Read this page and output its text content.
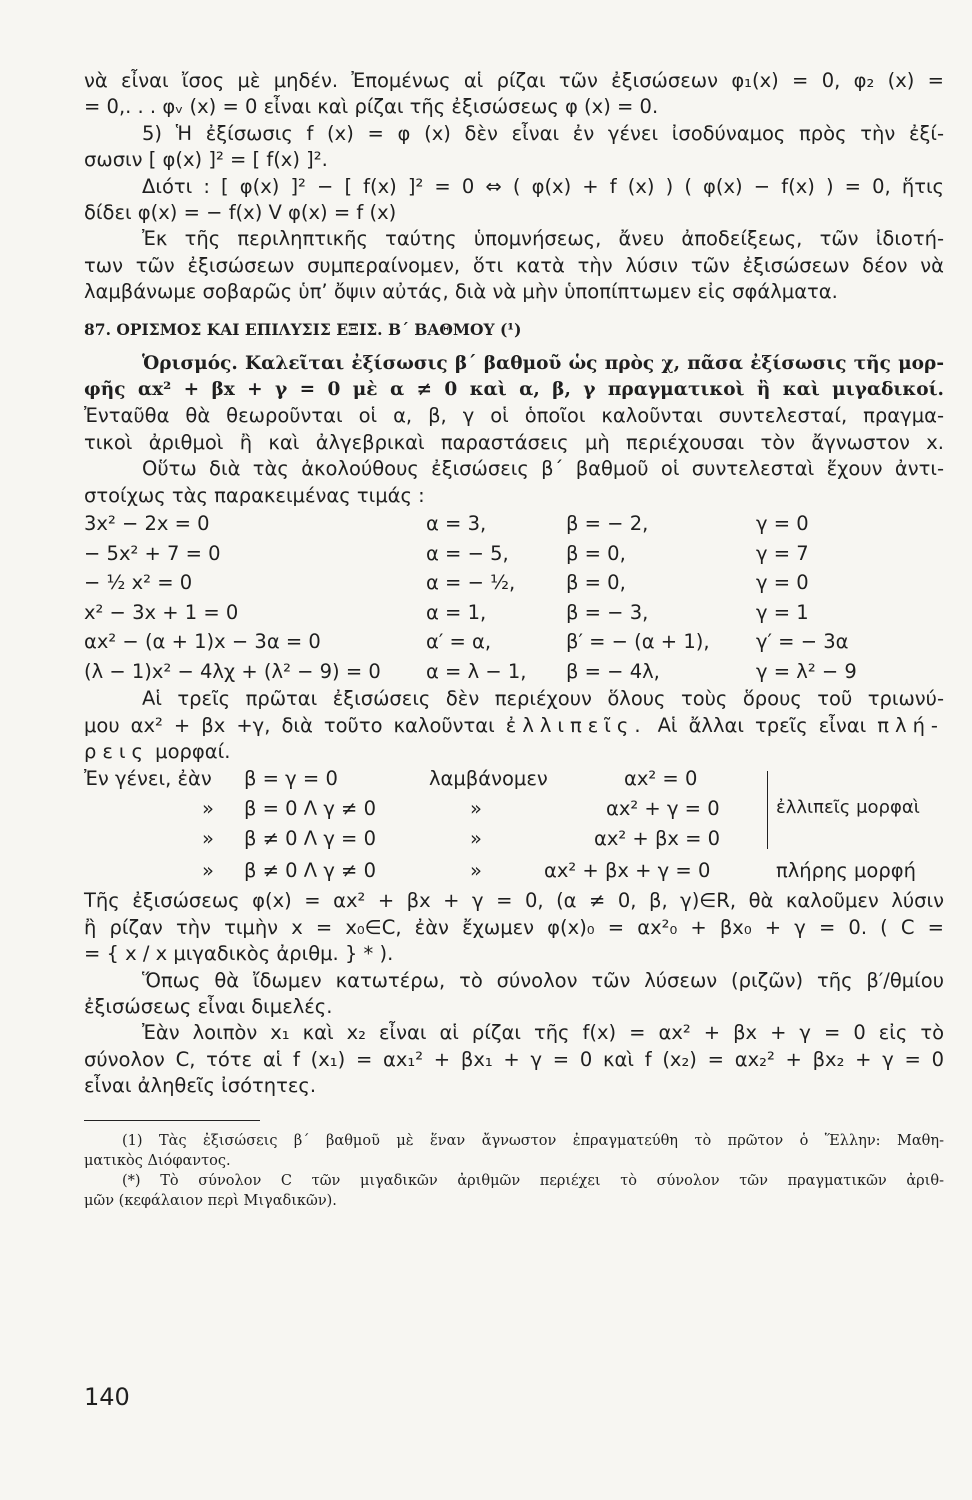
νὰ εἶναι ἴσος μὲ μηδέν. Ἐπομένως αἱ ρίζαι τῶν ἐξισώσεων φ₁(x) = 0, φ₂ (x) =
= 0,. . . φᵥ (x) = 0 εἶναι καὶ ρίζαι τῆς ἐξισώσεως φ (x) = 0.
5) Ἡ ἐξίσωσις f (x) = φ (x) δὲν εἶναι ἐν γένει ἰσοδύναμος πρὸς τὴν ἐξί-
σωσιν [ φ(x) ]² = [ f(x) ]².
Διότι : [ φ(x) ]² − [ f(x) ]² = 0 ⇔ ( φ(x) + f (x) ) ( φ(x) − f(x) ) = 0, ἥτις
δίδει φ(x) = − f(x) V φ(x) = f (x)
Ἐκ τῆς περιληπτικῆς ταύτης ὑπομνήσεως, ἄνευ ἀποδείξεως, τῶν ἰδιοτή-
των τῶν ἐξισώσεων συμπεραίνομεν, ὅτι κατὰ τὴν λύσιν τῶν ἐξισώσεων δέον νὰ
λαμβάνωμε σοβαρῶς ὑπ’ ὄψιν αὐτάς, διὰ νὰ μὴν ὑποπίπτωμεν εἰς σφάλματα.
87. ΟΡΙΣΜΟΣ ΚΑΙ ΕΠΙΛΥΣΙΣ ΕΞΙΣ. Β΄ ΒΑΘΜΟΥ (¹)
Ὁρισμός. Καλεῖται ἐξίσωσις β΄ βαθμοῦ ὡς πρὸς χ, πᾶσα ἐξίσωσις τῆς μορ-
φῆς αx² + βx + γ = 0 μὲ α ≠ 0 καὶ α, β, γ πραγματικοὶ ἢ καὶ μιγαδικοί.
Ἐνταῦθα θὰ θεωροῦνται οἱ α, β, γ οἱ ὁποῖοι καλοῦνται συντελεσταί, πραγμα-
τικοὶ ἀριθμοὶ ἢ καὶ ἀλγεβρικαὶ παραστάσεις μὴ περιέχουσαι τὸν ἄγνωστον x.
Οὕτω διὰ τὰς ἀκολούθους ἐξισώσεις β΄ βαθμοῦ οἱ συντελεσταὶ ἔχουν ἀντι-
στοίχως τὰς παρακειμένας τιμάς :
3x² − 2x = 0	α = 3,	β = − 2,	γ = 0
− 5x² + 7 = 0	α = − 5,	β = 0,	γ = 7
− ½ x² = 0	α = − ½,	β = 0,	γ = 0
x² − 3x + 1 = 0	α = 1,	β = − 3,	γ = 1
αx² − (α + 1)x − 3α = 0	α′ = α,	β′ = − (α + 1), γ′ = − 3α
(λ − 1)x² − 4λχ + (λ² − 9) = 0 α = λ − 1, β = − 4λ,	γ = λ² − 9
Αἱ τρεῖς πρῶται ἐξισώσεις δὲν περιέχουν ὅλους τοὺς ὅρους τοῦ τριωνύ-
μου αx² + βx +γ, διὰ τοῦτο καλοῦνται ἐλλιπεῖς. Αἱ ἄλλαι τρεῖς εἶναι πλή-
ρεις μορφαί.
Ἐν γένει, ἐὰν β = γ = 0	λαμβάνομεν	αx² = 0
» β = 0 Λ γ ≠ 0	»	αx² + γ = 0
» β ≠ 0 Λ γ = 0	»	αx² + βx = 0
ἐλλιπεῖς μορφαὶ
» β ≠ 0 Λ γ ≠ 0	»	αx² + βx + γ = 0	πλήρης μορφή
Τῆς ἐξισώσεως φ(x) = αx² + βx + γ = 0, (α ≠ 0, β, γ)∈R, θὰ καλοῦμεν λύσιν
ἢ ρίζαν τὴν τιμὴν x = x₀∈C, ἐὰν ἔχωμεν φ(x)₀ = αx²₀ + βx₀ + γ = 0. ( C =
= { x / x μιγαδικὸς ἀριθμ. } * ).
Ὅπως θὰ ἴδωμεν κατωτέρω, τὸ σύνολον τῶν λύσεων (ριζῶν) τῆς β′/θμίου
ἐξισώσεως εἶναι διμελές.
Ἐὰν λοιπὸν x₁ καὶ x₂ εἶναι αἱ ρίζαι τῆς f(x) = αx² + βx + γ = 0 εἰς τὸ
σύνολον C, τότε αἱ f (x₁) = αx₁² + βx₁ + γ = 0 καὶ f (x₂) = αx₂² + βx₂ + γ = 0
εἶναι ἀληθεῖς ἰσότητες.
(1) Τὰς ἐξισώσεις β΄ βαθμοῦ μὲ ἕναν ἄγνωστον ἐπραγματεύθη τὸ πρῶτον ὁ Ἕλλην: Μαθη-
ματικὸς Διόφαντος.
(*) Τὸ σύνολον C τῶν μιγαδικῶν ἀριθμῶν περιέχει τὸ σύνολον τῶν πραγματικῶν ἀριθ-
μῶν (κεφάλαιον περὶ Μιγαδικῶν).
140
